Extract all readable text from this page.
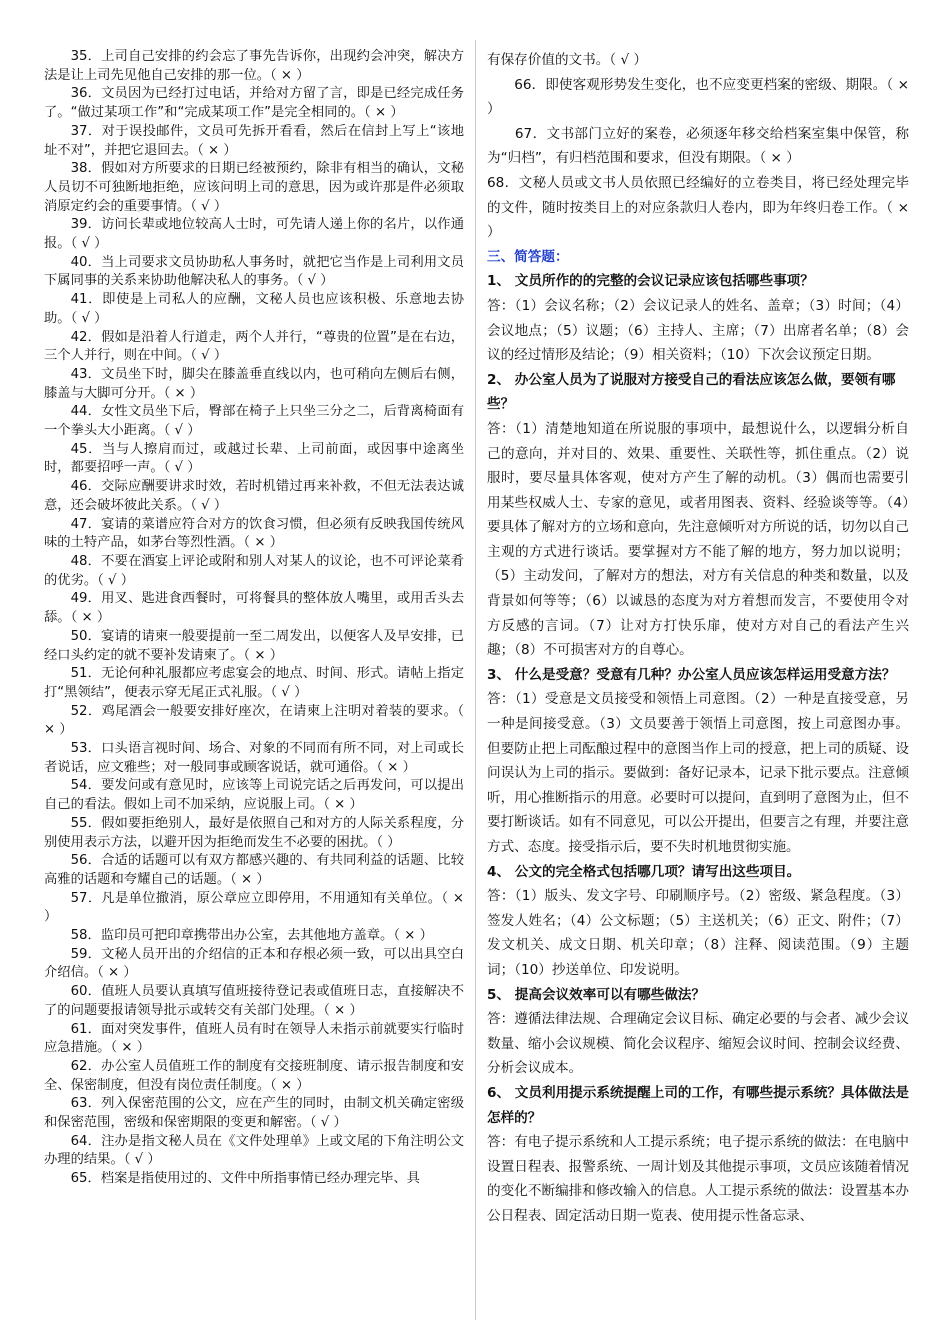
35．上司自己安排的约会忘了事先告诉你，出现约会冲突，解决方法是让上司先见他自己安排的那一位。（ × ）

36．文员因为已经打过电话，并给对方留了言，即是已经完成任务了。“做过某项工作”和“完成某项工作”是完全相同的。（ × ）

37．对于误投邮件，文员可先拆开看看，然后在信封上写上“该地址不对”，并把它退回去。（ × ）

38．假如对方所要求的日期已经被预约，除非有相当的确认，文秘人员切不可独断地拒绝，应该问明上司的意思，因为或许那是件必须取消原定约会的重要事情。（ √ ）

39．访问长辈或地位较高人士时，可先请人递上你的名片，以作通报。（ √ ）

40．当上司要求文员协助私人事务时，就把它当作是上司利用文员下属同事的关系来协助他解决私人的事务。（ √ ）

41．即使是上司私人的应酬，文秘人员也应该积极、乐意地去协助。（ √ ）

42．假如是沿着人行道走，两个人并行，“尊贵的位置”是在右边，三个人并行，则在中间。（ √ ）

43．文员坐下时，脚尖在膝盖垂直线以内，也可稍向左侧后右侧，膝盖与大脚可分开。（ × ）

44．女性文员坐下后，臀部在椅子上只坐三分之二，后背离椅面有一个拳头大小距离。（ √ ）

45．当与人擦肩而过，或越过长辈、上司前面，或因事中途离坐时，都要招呼一声。（ √ ）

46．交际应酬要讲求时效，若时机错过再来补救，不但无法表达诚意，还会破坏彼此关系。（ √ ）

47．宴请的菜谱应符合对方的饮食习惯，但必须有反映我国传统风味的土特产品，如茅台等烈性酒。（ × ）

48．不要在酒宴上评论或附和别人对某人的议论，也不可评论菜肴的优劣。（ √ ）

49．用叉、匙进食西餐时，可将餐具的整体放人嘴里，或用舌头去舔。（ × ）

50．宴请的请柬一般要提前一至二周发出，以便客人及早安排，已经口头约定的就不要补发请柬了。（ × ）

51．无论何种礼服都应考虑宴会的地点、时间、形式。请帖上指定打“黑领结”，便表示穿无尾正式礼服。（ √ ）

52．鸡尾酒会一般要安排好座次，在请柬上注明对着装的要求。（ × ）

53．口头语言视时间、场合、对象的不同而有所不同，对上司或长者说话，应文雅些；对一般同事或顾客说话，就可通俗。（ × ）

54．要发问或有意见时，应该等上司说完话之后再发问，可以提出自己的看法。假如上司不加采纳，应说服上司。（ × ）

55．假如要拒绝别人，最好是依照自己和对方的人际关系程度，分别使用表示方法，以避开因为拒绝而发生不必要的困扰。（ ）

56．合适的话题可以有双方都感兴趣的、有共同利益的话题、比较高雅的话题和夸耀自己的话题。（ × ）

57．凡是单位撤消，原公章应立即停用，不用通知有关单位。（ × ）

58．监印员可把印章携带出办公室，去其他地方盖章。（ × ）

59．文秘人员开出的介绍信的正本和存根必须一致，可以出具空白介绍信。（ × ）

60．值班人员要认真填写值班接待登记表或值班日志，直接解决不了的问题要报请领导批示或转交有关部门处理。（ × ）

61．面对突发事件，值班人员有时在领导人未指示前就要实行临时应急措施。（ × ）

62．办公室人员值班工作的制度有交接班制度、请示报告制度和安全、保密制度，但没有岗位责任制度。（ × ）

63．列入保密范围的公文，应在产生的同时，由制文机关确定密级和保密范围，密级和保密期限的变更和解密。（ √ ）

64．注办是指文秘人员在《文件处理单》上或文尾的下角注明公文办理的结果。（ √ ）

65．档案是指使用过的、文件中所指事情已经办理完毕、具

有保存价值的文书。（ √ ）

　　66．即使客观形势发生变化，也不应变更档案的密级、期限。（ × ）

　　67．文书部门立好的案卷，必须逐年移交给档案室集中保管，称为“归档”，有归档范围和要求，但没有期限。（ × ）

68．文秘人员或文书人员依照已经编好的立卷类目，将已经处理完毕的文件，随时按类目上的对应条款归人卷内，即为年终归卷工作。（ × ）

三、简答题：

1、 文员所作的的完整的会议记录应该包括哪些事项？

答：（1）会议名称；（2）会议记录人的姓名、盖章；（3）时间；（4）会议地点；（5）议题；（6）主持人、主席；（7）出席者名单；（8）会议的经过情形及结论；（9）相关资料；（10）下次会议预定日期。

2、 办公室人员为了说服对方接受自己的看法应该怎么做，要领有哪些？

答：（1）清楚地知道在所说服的事项中，最想说什么，以逻辑分析自己的意向，并对目的、效果、重要性、关联性等，抓住重点。（2）说服时，要尽量具体客观，使对方产生了解的动机。（3）偶而也需要引用某些权威人士、专家的意见，或者用图表、资料、经验谈等等。（4）要具体了解对方的立场和意向，先注意倾听对方所说的话，切勿以自己主观的方式进行谈话。要掌握对方不能了解的地方，努力加以说明；（5）主动发问，了解对方的想法，对方有关信息的种类和数量，以及背景如何等等；（6）以诚恳的态度为对方着想而发言，不要使用令对方反感的言词。（7）让对方打快乐扉，使对方对自己的看法产生兴趣；（8）不可损害对方的自尊心。

3、 什么是受意？受意有几种？办公室人员应该怎样运用受意方法？

答：（1）受意是文员接受和领悟上司意图。（2）一种是直接受意，另一种是间接受意。（3）文员要善于领悟上司意图，按上司意图办事。但要防止把上司酝酿过程中的意图当作上司的授意，把上司的质疑、设问误认为上司的指示。要做到：备好记录本，记录下批示要点。注意倾听，用心推断指示的用意。必要时可以提问，直到明了意图为止，但不要打断谈话。如有不同意见，可以公开提出，但要言之有理，并要注意方式、态度。接受指示后，要不失时机地贯彻实施。

4、 公文的完全格式包括哪几项？请写出这些项目。

答：（1）版头、发文字号、印刷顺序号。（2）密级、紧急程度。（3）签发人姓名；（4）公文标题；（5）主送机关；（6）正文、附件；（7）发文机关、成文日期、机关印章；（8）注释、阅读范围。（9）主题词；（10）抄送单位、印发说明。

5、 提高会议效率可以有哪些做法？

答：遵循法律法规、合理确定会议目标、确定必要的与会者、减少会议数量、缩小会议规模、简化会议程序、缩短会议时间、控制会议经费、分析会议成本。

6、 文员利用提示系统提醒上司的工作，有哪些提示系统？具体做法是怎样的？

答：有电子提示系统和人工提示系统；电子提示系统的做法：在电脑中设置日程表、报警系统、一周计划及其他提示事项，文员应该随着情况的变化不断编排和修改输入的信息。人工提示系统的做法：设置基本办公日程表、固定活动日期一览表、使用提示性备忘录、
